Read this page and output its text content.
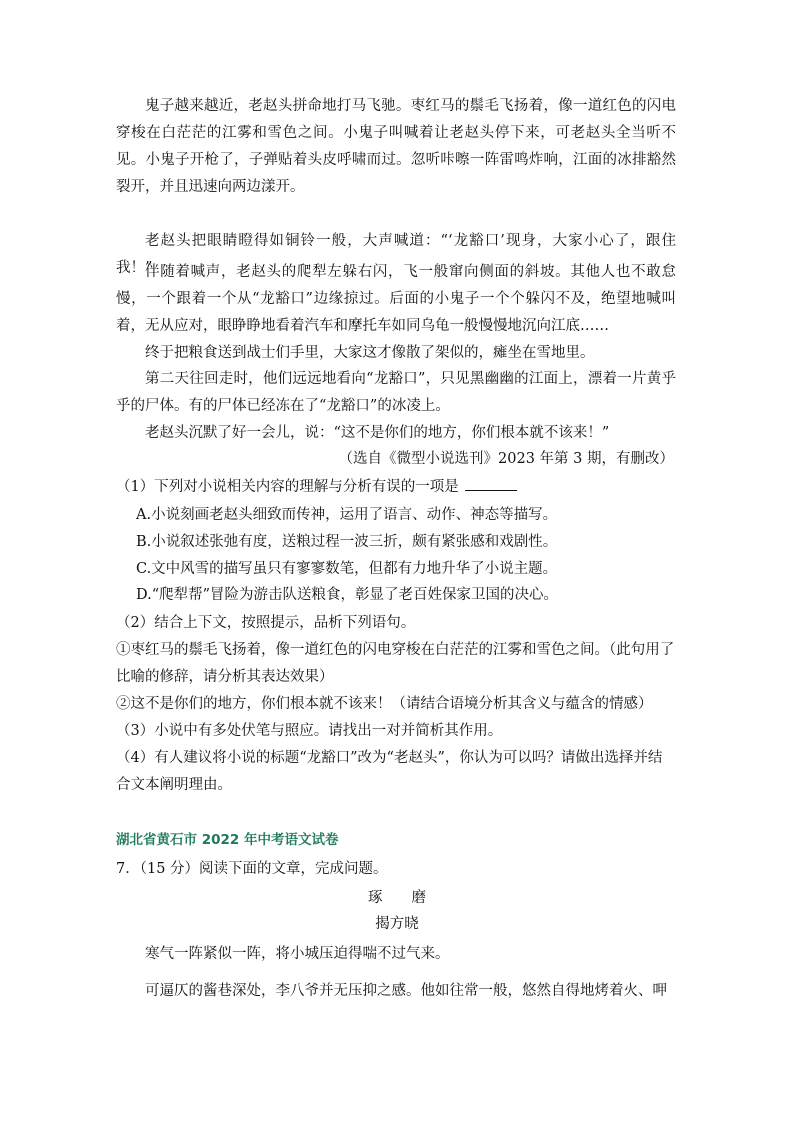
鬼子越来越近，老赵头拼命地打马飞驰。枣红马的鬃毛飞扬着，像一道红色的闪电穿梭在白茫茫的江雾和雪色之间。小鬼子叫喊着让老赵头停下来，可老赵头全当听不见。小鬼子开枪了，子弹贴着头皮呼啸而过。忽听咔嚓一阵雷鸣炸响，江面的冰排豁然裂开，并且迅速向两边漾开。

老赵头把眼睛瞪得如铜铃一般，大声喊道：“‘龙豁口’现身，大家小心了，跟住我！”

伴随着喊声，老赵头的爬犁左躲右闪，飞一般窜向侧面的斜坡。其他人也不敢怠慢，一个跟着一个从“龙豁口”边缘掠过。后面的小鬼子一个个躲闪不及，绝望地喊叫着，无从应对，眼睁睁地看着汽车和摩托车如同乌龟一般慢慢地沉向江底……

终于把粮食送到战士们手里，大家这才像散了架似的，瘫坐在雪地里。

第二天往回走时，他们远远地看向“龙豁口”，只见黑幽幽的江面上，漂着一片黄乎乎的尸体。有的尸体已经冻在了“龙豁口”的冰凌上。

老赵头沉默了好一会儿，说：“这不是你们的地方，你们根本就不该来！”

（选自《微型小说选刊》2023 年第 3 期，有删改）
（1）下列对小说相关内容的理解与分析有误的一项是
A.小说刻画老赵头细致而传神，运用了语言、动作、神态等描写。
B.小说叙述张弛有度，送粮过程一波三折，颇有紧张感和戏剧性。
C.文中风雪的描写虽只有寥寥数笔，但都有力地升华了小说主题。
D.“爬犁帮”冒险为游击队送粮食，彰显了老百姓保家卫国的决心。
（2）结合上下文，按照提示，品析下列语句。
①枣红马的鬃毛飞扬着，像一道红色的闪电穿梭在白茫茫的江雾和雪色之间。（此句用了比喻的修辞，请分析其表达效果）
②这不是你们的地方，你们根本就不该来！（请结合语境分析其含义与蕴含的情感）
（3）小说中有多处伏笔与照应。请找出一对并简析其作用。
（4）有人建议将小说的标题“龙豁口”改为“老赵头”，你认为可以吗？请做出选择并结合文本阐明理由。
湖北省黄石市 2022 年中考语文试卷
7．（15 分）阅读下面的文章，完成问题。
琢　　磨
揭方晓

寒气一阵紧似一阵，将小城压迫得喘不过气来。

可逼仄的酱巷深处，李八爷并无压抑之感。他如往常一般，悠然自得地烤着火、呷
